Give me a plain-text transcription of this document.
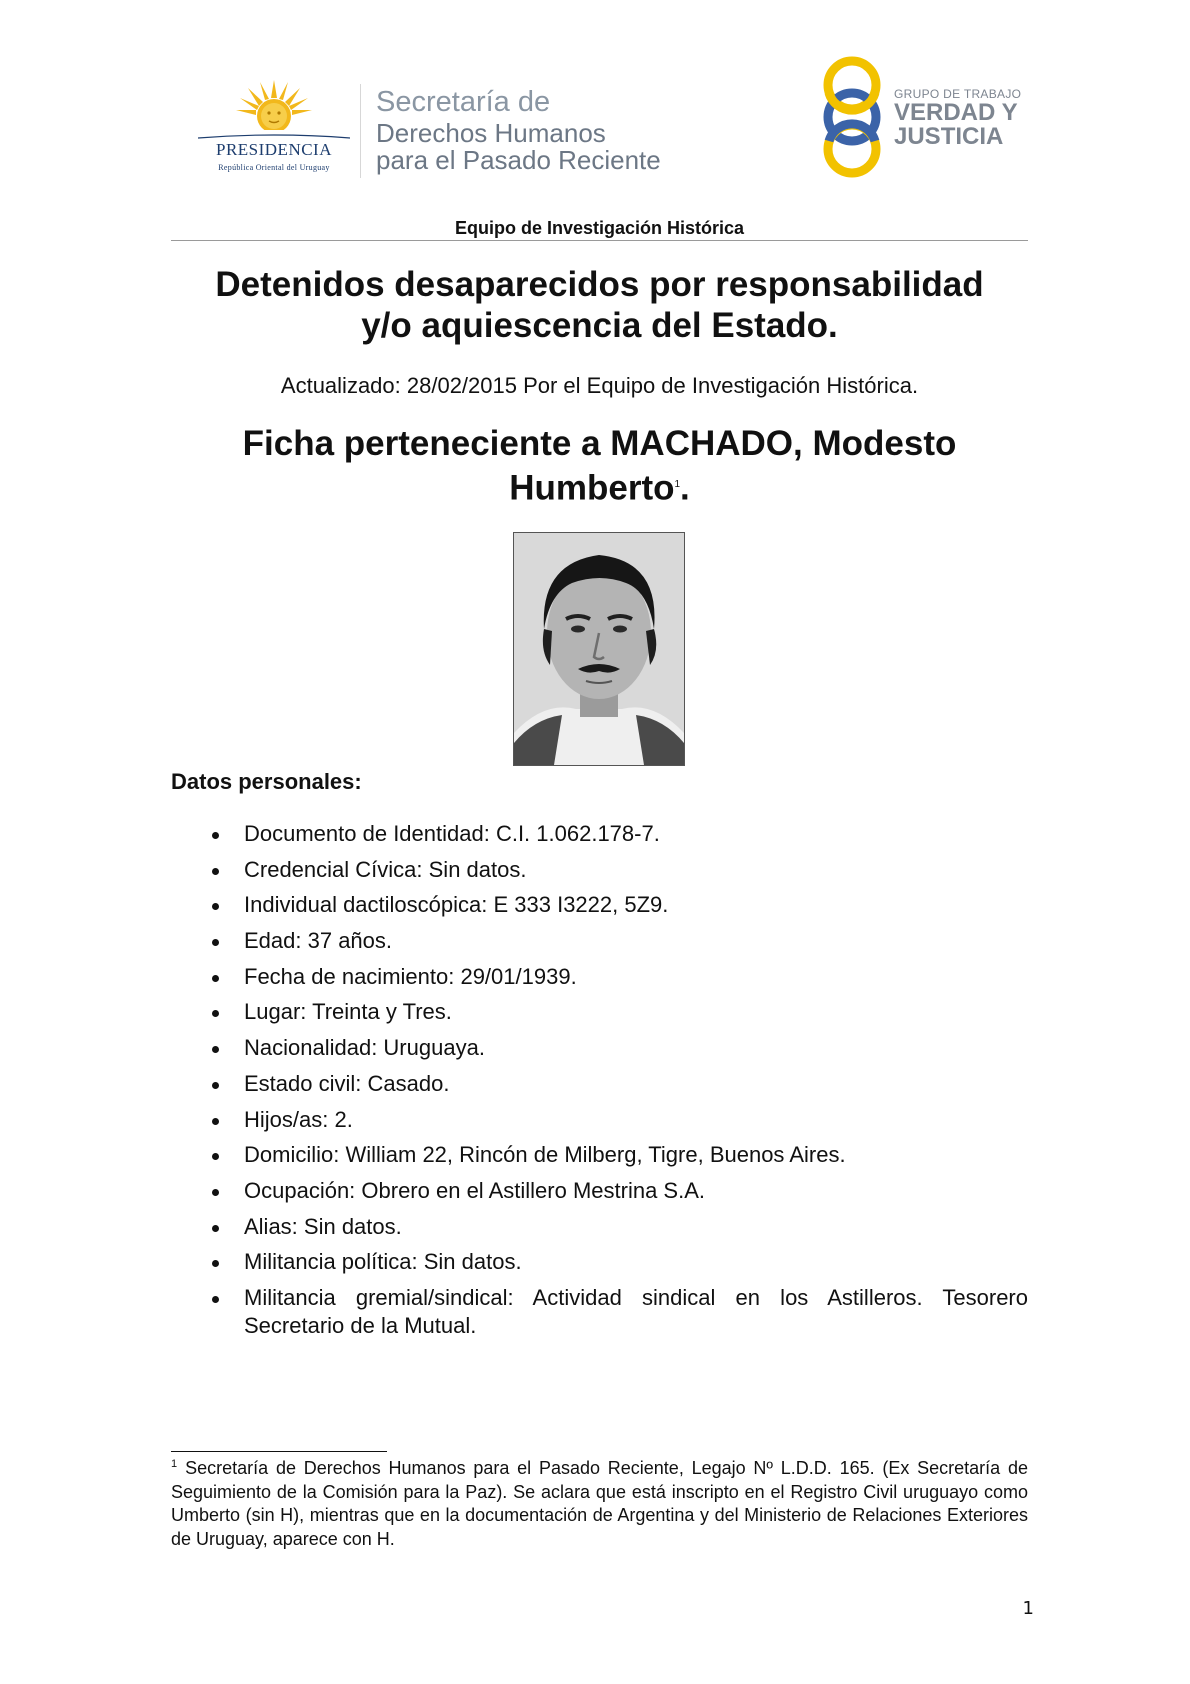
PRESIDENCIA
República Oriental del Uruguay
Secretaría de
Derechos Humanos
para el Pasado Reciente
GRUPO DE TRABAJO
VERDAD Y
JUSTICIA
Equipo de Investigación Histórica
Detenidos desaparecidos por responsabilidad
y/o aquiescencia del Estado.
Actualizado: 28/02/2015 Por el Equipo de Investigación Histórica.
Ficha perteneciente a MACHADO, Modesto
Humberto$^1$.
Datos personales:
Documento de Identidad: C.I. 1.062.178-7.
Credencial Cívica: Sin datos.
Individual dactiloscópica: E 333 I3222, 5Z9.
Edad: 37 años.
Fecha de nacimiento: 29/01/1939.
Lugar: Treinta y Tres.
Nacionalidad: Uruguaya.
Estado civil: Casado.
Hijos/as: 2.
Domicilio: William 22, Rincón de Milberg, Tigre, Buenos Aires.
Ocupación: Obrero en el Astillero Mestrina S.A.
Alias: Sin datos.
Militancia política: Sin datos.
Militancia gremial/sindical: Actividad sindical en los Astilleros. Tesorero Secretario de la Mutual.
$^1$ Secretaría de Derechos Humanos para el Pasado Reciente, Legajo Nº L.D.D. 165. (Ex Secretaría de Seguimiento de la Comisión para la Paz). Se aclara que está inscripto en el Registro Civil uruguayo como Umberto (sin H), mientras que en la documentación de Argentina y del Ministerio de Relaciones Exteriores de Uruguay, aparece con H.
1
